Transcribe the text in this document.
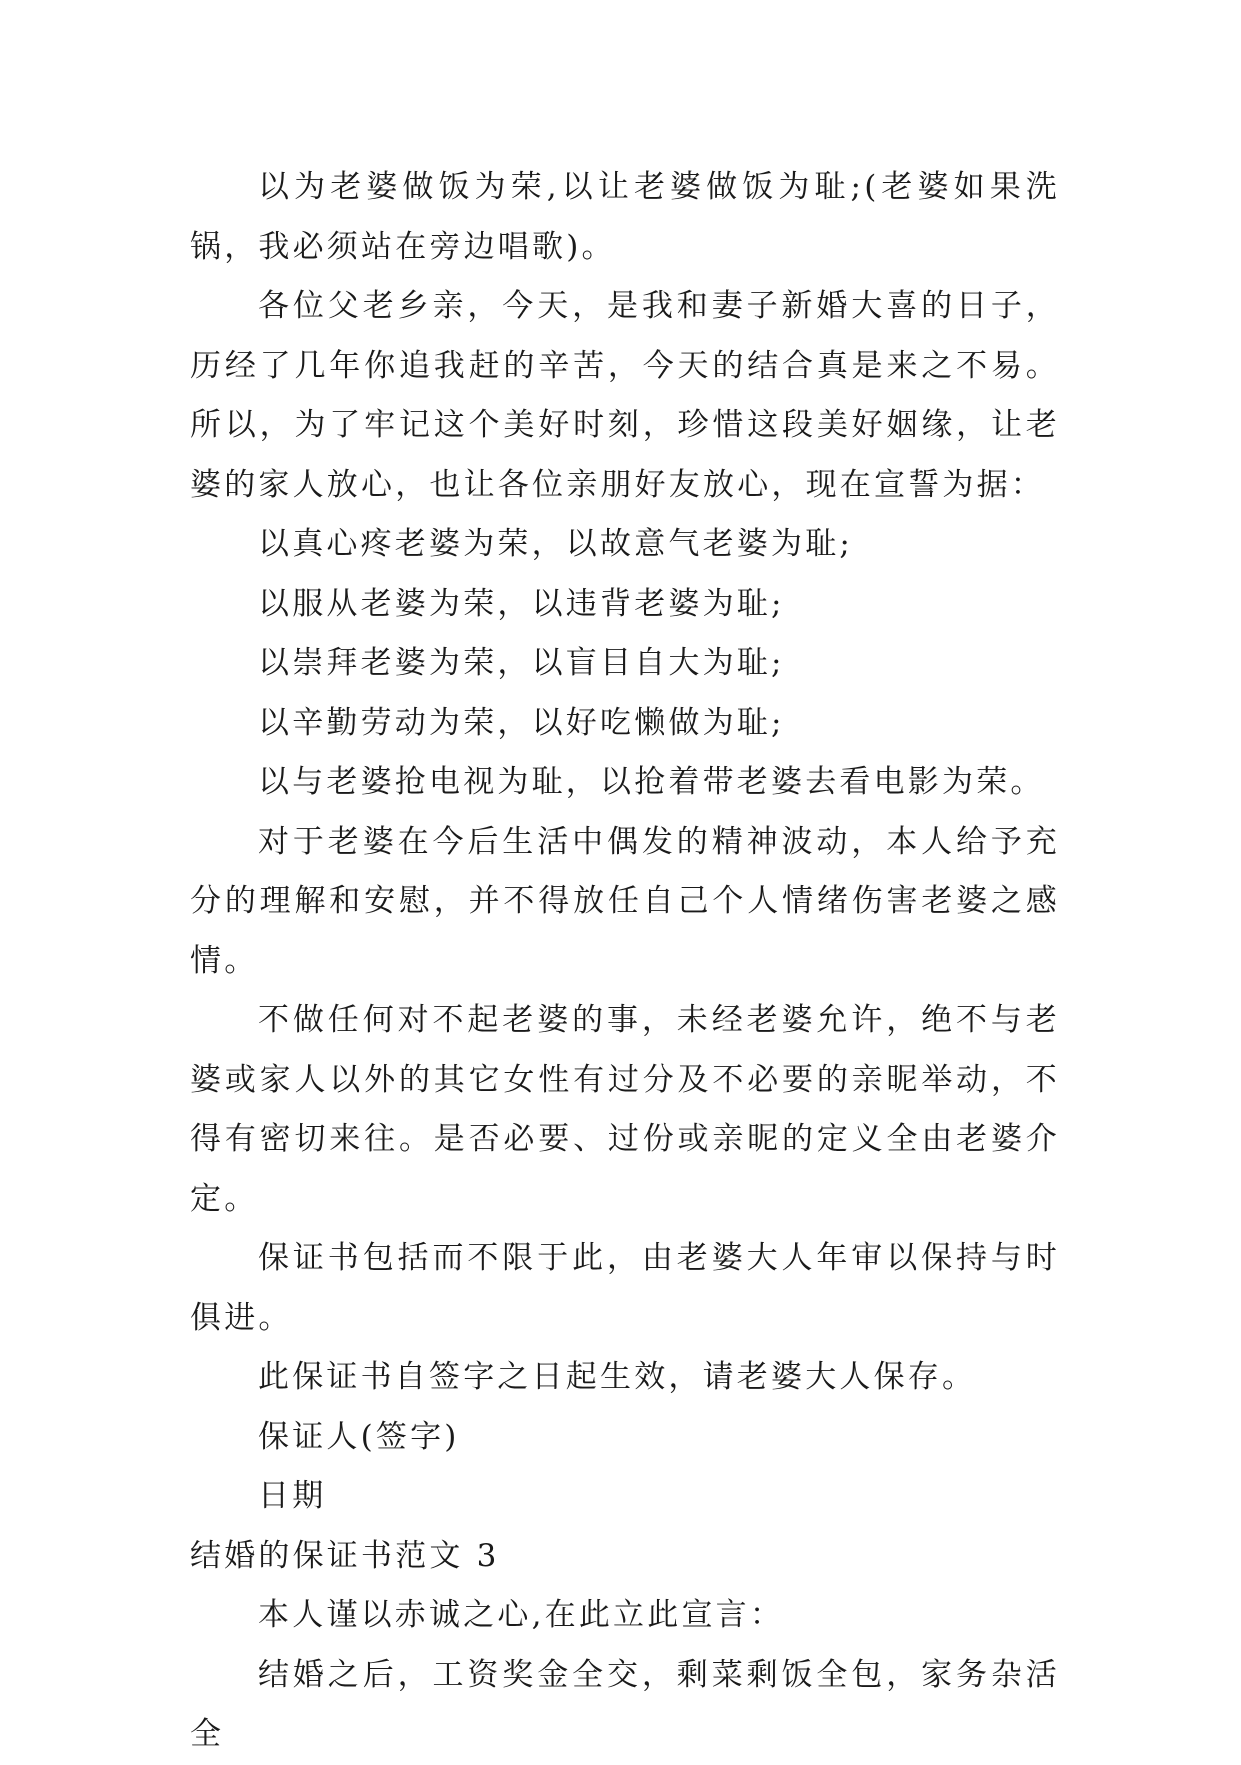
以为老婆做饭为荣,以让老婆做饭为耻;(老婆如果洗锅，我必须站在旁边唱歌)。

各位父老乡亲，今天，是我和妻子新婚大喜的日子，历经了几年你追我赶的辛苦，今天的结合真是来之不易。所以，为了牢记这个美好时刻，珍惜这段美好姻缘，让老婆的家人放心，也让各位亲朋好友放心，现在宣誓为据：

以真心疼老婆为荣，以故意气老婆为耻;

以服从老婆为荣，以违背老婆为耻;

以崇拜老婆为荣，以盲目自大为耻;

以辛勤劳动为荣，以好吃懒做为耻;

以与老婆抢电视为耻，以抢着带老婆去看电影为荣。

对于老婆在今后生活中偶发的精神波动，本人给予充分的理解和安慰，并不得放任自己个人情绪伤害老婆之感情。

不做任何对不起老婆的事，未经老婆允许，绝不与老婆或家人以外的其它女性有过分及不必要的亲昵举动，不得有密切来往。是否必要、过份或亲昵的定义全由老婆介定。

保证书包括而不限于此，由老婆大人年审以保持与时俱进。

此保证书自签字之日起生效，请老婆大人保存。

保证人(签字)

日期

结婚的保证书范文 3

本人谨以赤诚之心,在此立此宣言：

结婚之后，工资奖金全交，剩菜剩饭全包，家务杂活全
